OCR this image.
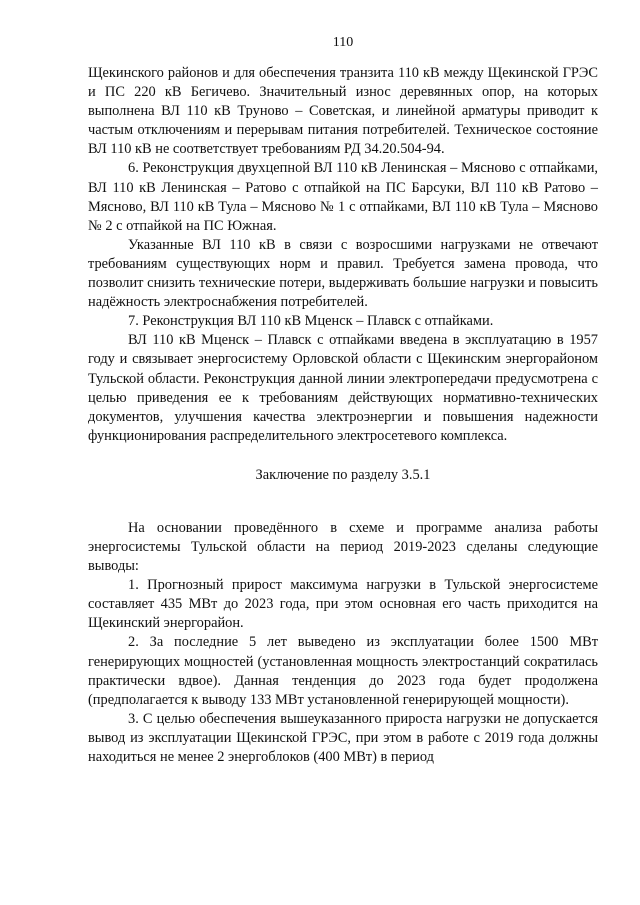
110

Щекинского районов и для обеспечения транзита 110 кВ между Щекинской ГРЭС и ПС 220 кВ Бегичево. Значительный износ деревянных опор, на которых выполнена ВЛ 110 кВ Труново – Советская, и линейной арматуры приводит к частым отключениям и перерывам питания потребителей. Техническое состояние ВЛ 110 кВ не соответствует требованиям РД 34.20.504-94.

6. Реконструкция двухцепной ВЛ 110 кВ Ленинская – Мясново с отпайками, ВЛ 110 кВ Ленинская – Ратово с отпайкой на ПС Барсуки, ВЛ 110 кВ Ратово – Мясново, ВЛ 110 кВ Тула – Мясново № 1 с отпайками, ВЛ 110 кВ Тула – Мясново № 2 с отпайкой на ПС Южная.

Указанные ВЛ 110 кВ в связи с возросшими нагрузками не отвечают требованиям существующих норм и правил. Требуется замена провода, что позволит снизить технические потери, выдерживать большие нагрузки и повысить надёжность электроснабжения потребителей.

7. Реконструкция ВЛ 110 кВ Мценск – Плавск с отпайками.

ВЛ 110 кВ Мценск – Плавск с отпайками введена в эксплуатацию в 1957 году и связывает энергосистему Орловской области с Щекинским энергорайоном Тульской области. Реконструкция данной линии электропередачи предусмотрена с целью приведения ее к требованиям действующих нормативно-технических документов, улучшения качества электроэнергии и повышения надежности функционирования распределительного электросетевого комплекса.

Заключение по разделу 3.5.1

На основании проведённого в схеме и программе анализа работы энергосистемы Тульской области на период 2019-2023 сделаны следующие выводы:

1. Прогнозный прирост максимума нагрузки в Тульской энергосистеме составляет 435 МВт до 2023 года, при этом основная его часть приходится на Щекинский энергорайон.

2. За последние 5 лет выведено из эксплуатации более 1500 МВт генерирующих мощностей (установленная мощность электростанций сократилась практически вдвое). Данная тенденция до 2023 года будет продолжена (предполагается к выводу 133 МВт установленной генерирующей мощности).

3. С целью обеспечения вышеуказанного прироста нагрузки не допускается вывод из эксплуатации Щекинской ГРЭС, при этом в работе с 2019 года должны находиться не менее 2 энергоблоков (400 МВт) в период
